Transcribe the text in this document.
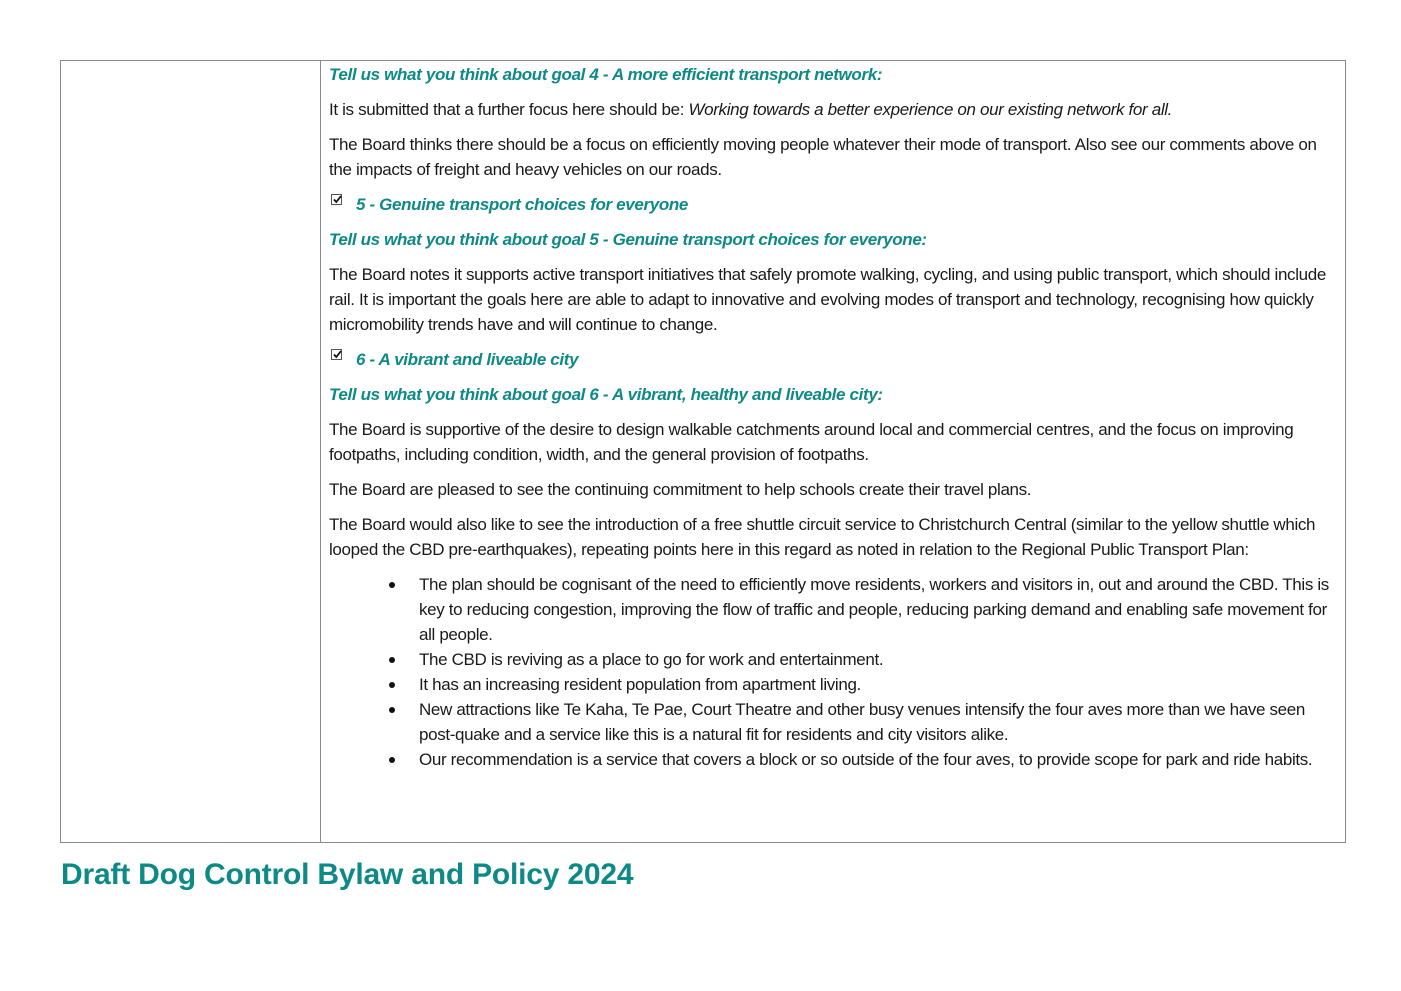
Tell us what you think about goal 4 - A more efficient transport network:
It is submitted that a further focus here should be: Working towards a better experience on our existing network for all.
The Board thinks there should be a focus on efficiently moving people whatever their mode of transport. Also see our comments above on the impacts of freight and heavy vehicles on our roads.
5 - Genuine transport choices for everyone
Tell us what you think about goal 5 - Genuine transport choices for everyone:
The Board notes it supports active transport initiatives that safely promote walking, cycling, and using public transport, which should include rail. It is important the goals here are able to adapt to innovative and evolving modes of transport and technology, recognising how quickly micromobility trends have and will continue to change.
6 - A vibrant and liveable city
Tell us what you think about goal 6 - A vibrant, healthy and liveable city:
The Board is supportive of the desire to design walkable catchments around local and commercial centres, and the focus on improving footpaths, including condition, width, and the general provision of footpaths.
The Board are pleased to see the continuing commitment to help schools create their travel plans.
The Board would also like to see the introduction of a free shuttle circuit service to Christchurch Central (similar to the yellow shuttle which looped the CBD pre-earthquakes), repeating points here in this regard as noted in relation to the Regional Public Transport Plan:
The plan should be cognisant of the need to efficiently move residents, workers and visitors in, out and around the CBD. This is key to reducing congestion, improving the flow of traffic and people, reducing parking demand and enabling safe movement for all people.
The CBD is reviving as a place to go for work and entertainment.
It has an increasing resident population from apartment living.
New attractions like Te Kaha, Te Pae, Court Theatre and other busy venues intensify the four aves more than we have seen post-quake and a service like this is a natural fit for residents and city visitors alike.
Our recommendation is a service that covers a block or so outside of the four aves, to provide scope for park and ride habits.
Draft Dog Control Bylaw and Policy 2024
